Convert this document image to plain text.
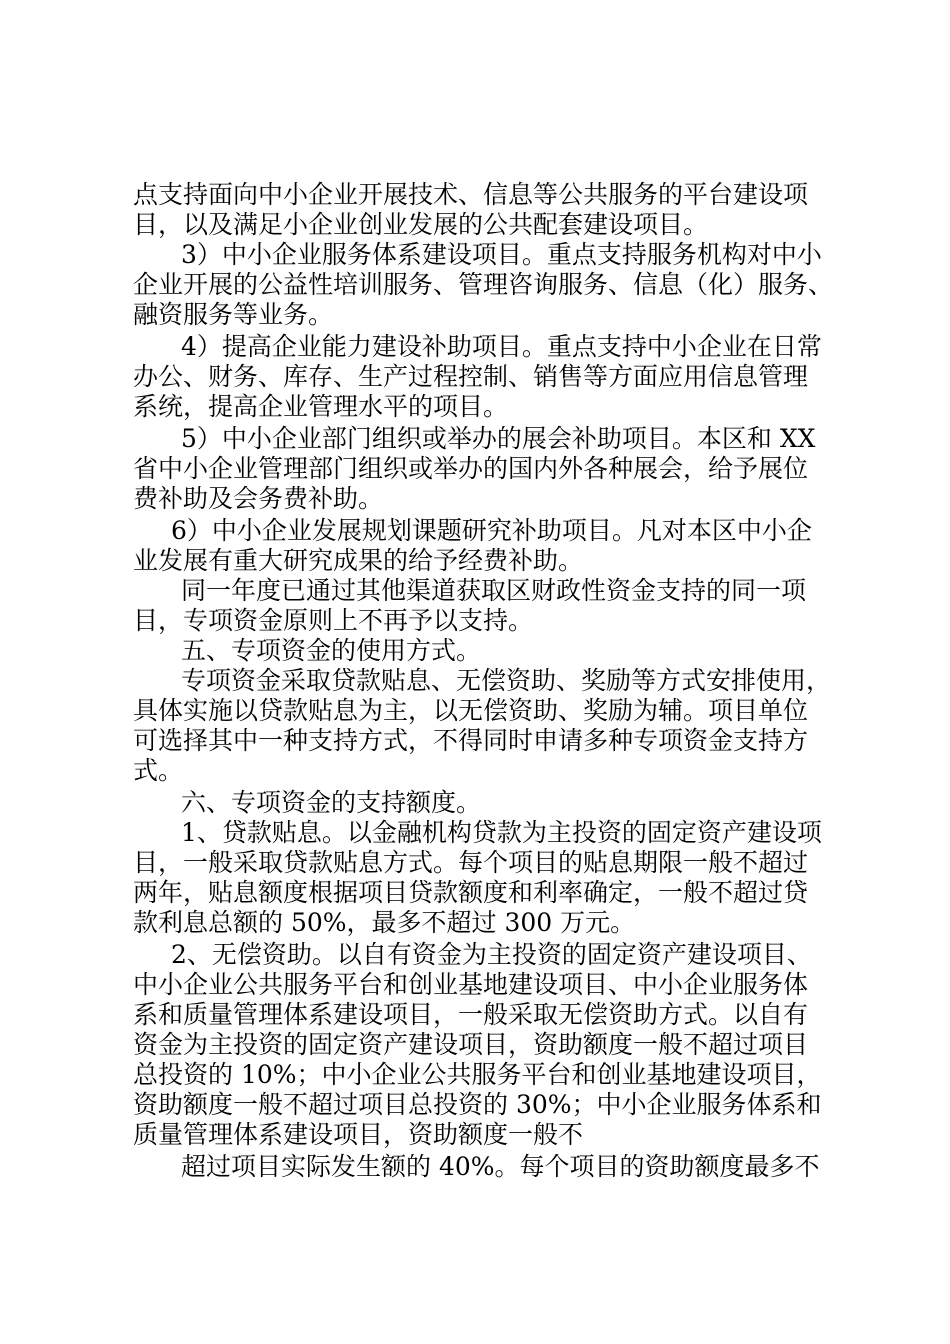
点支持面向中小企业开展技术、信息等公共服务的平台建设项
目，以及满足小企业创业发展的公共配套建设项目。
3）中小企业服务体系建设项目。重点支持服务机构对中小
企业开展的公益性培训服务、管理咨询服务、信息（化）服务、
融资服务等业务。
4）提高企业能力建设补助项目。重点支持中小企业在日常
办公、财务、库存、生产过程控制、销售等方面应用信息管理
系统，提高企业管理水平的项目。
5）中小企业部门组织或举办的展会补助项目。本区和 XX
省中小企业管理部门组织或举办的国内外各种展会，给予展位
费补助及会务费补助。
6）中小企业发展规划课题研究补助项目。凡对本区中小企
业发展有重大研究成果的给予经费补助。
同一年度已通过其他渠道获取区财政性资金支持的同一项
目，专项资金原则上不再予以支持。
五、专项资金的使用方式。
专项资金采取贷款贴息、无偿资助、奖励等方式安排使用，
具体实施以贷款贴息为主，以无偿资助、奖励为辅。项目单位
可选择其中一种支持方式，不得同时申请多种专项资金支持方
式。
六、专项资金的支持额度。
1、贷款贴息。以金融机构贷款为主投资的固定资产建设项
目，一般采取贷款贴息方式。每个项目的贴息期限一般不超过
两年，贴息额度根据项目贷款额度和利率确定，一般不超过贷
款利息总额的 50%，最多不超过 300 万元。
2、无偿资助。以自有资金为主投资的固定资产建设项目、
中小企业公共服务平台和创业基地建设项目、中小企业服务体
系和质量管理体系建设项目，一般采取无偿资助方式。以自有
资金为主投资的固定资产建设项目，资助额度一般不超过项目
总投资的 10%；中小企业公共服务平台和创业基地建设项目，
资助额度一般不超过项目总投资的 30%；中小企业服务体系和
质量管理体系建设项目，资助额度一般不
超过项目实际发生额的 40%。每个项目的资助额度最多不
